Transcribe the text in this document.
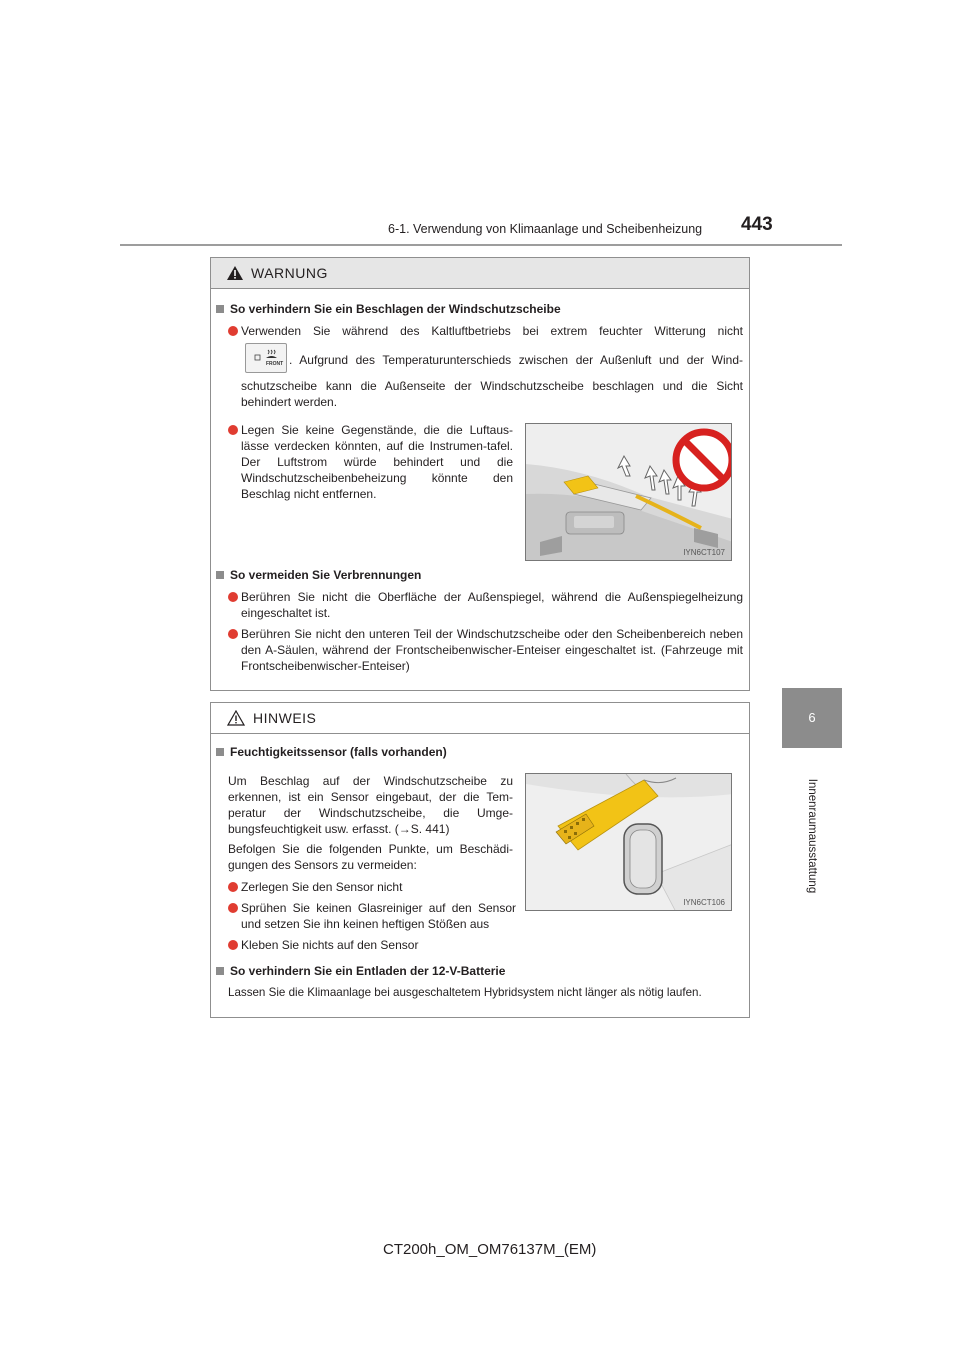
6-1. Verwendung von Klimaanlage und Scheibenheizung 443
6
Innenraumausstattung
WARNUNG
So verhindern Sie ein Beschlagen der Windschutzscheibe
Verwenden Sie während des Kaltluftbetriebs bei extrem feuchter Witterung nicht
FRONT . Aufgrund des Temperaturunterschieds zwischen der Außenluft und der Wind-
schutzscheibe kann die Außenseite der Windschutzscheibe beschlagen und die Sicht behindert werden.
Legen Sie keine Gegenstände, die die Luftaus-lässe verdecken könnten, auf die Instrumen-tafel. Der Luftstrom würde behindert und die Windschutzscheibenbeheizung könnte den Beschlag nicht entfernen.
IYN6CT107
So vermeiden Sie Verbrennungen
Berühren Sie nicht die Oberfläche der Außenspiegel, während die Außenspiegelheizung eingeschaltet ist.
Berühren Sie nicht den unteren Teil der Windschutzscheibe oder den Scheibenbereich neben den A-Säulen, während der Frontscheibenwischer-Enteiser eingeschaltet ist. (Fahrzeuge mit Frontscheibenwischer-Enteiser)
HINWEIS
Feuchtigkeitssensor (falls vorhanden)
Um Beschlag auf der Windschutzscheibe zu erkennen, ist ein Sensor eingebaut, der die Tem-peratur der Windschutzscheibe, die Umge-bungsfeuchtigkeit usw. erfasst. (→S. 441)
Befolgen Sie die folgenden Punkte, um Beschädi-gungen des Sensors zu vermeiden:
Zerlegen Sie den Sensor nicht
Sprühen Sie keinen Glasreiniger auf den Sensor und setzen Sie ihn keinen heftigen Stößen aus
Kleben Sie nichts auf den Sensor
IYN6CT106
So verhindern Sie ein Entladen der 12-V-Batterie
Lassen Sie die Klimaanlage bei ausgeschaltetem Hybridsystem nicht länger als nötig laufen.
CT200h_OM_OM76137M_(EM)
